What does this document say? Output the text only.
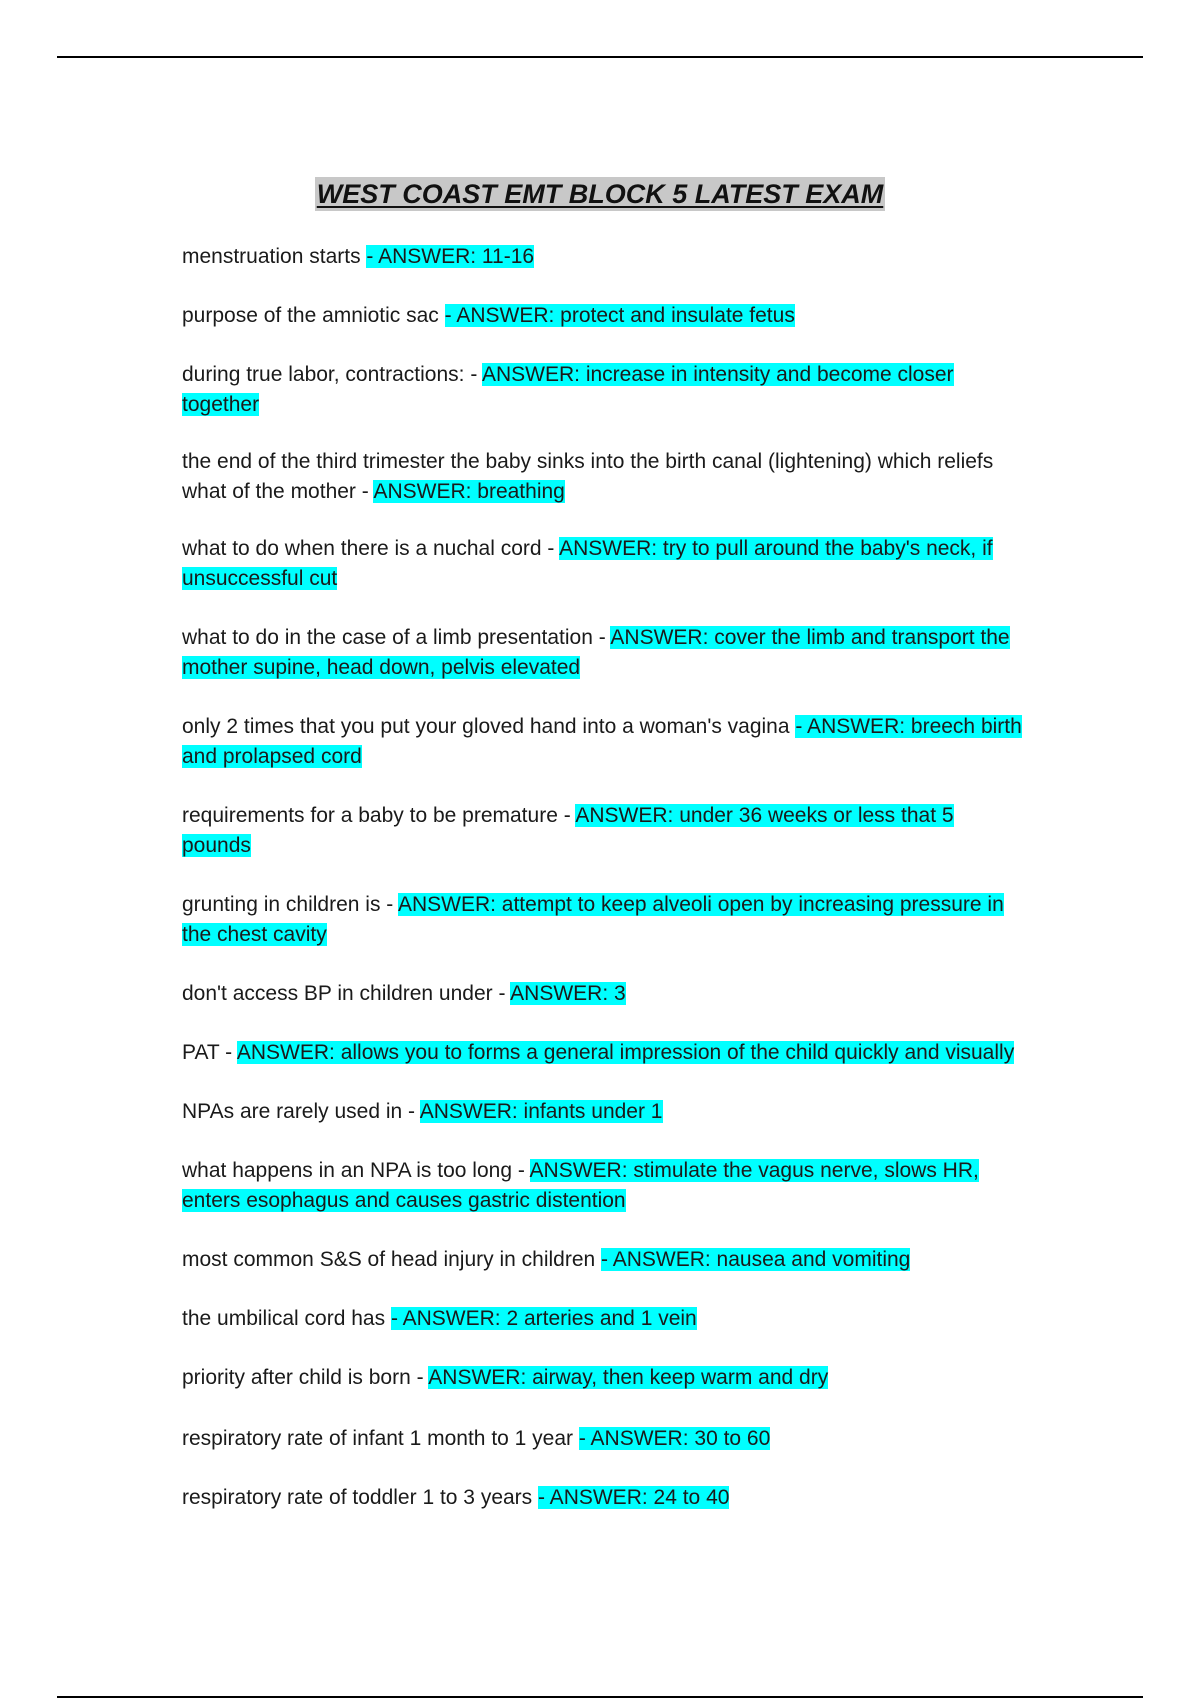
WEST COAST EMT BLOCK 5 LATEST EXAM
menstruation starts - ANSWER: 11-16
purpose of the amniotic sac - ANSWER: protect and insulate fetus
during true labor, contractions: - ANSWER: increase in intensity and become closer together
the end of the third trimester the baby sinks into the birth canal (lightening) which reliefs what of the mother - ANSWER: breathing
what to do when there is a nuchal cord - ANSWER: try to pull around the baby's neck, if unsuccessful cut
what to do in the case of a limb presentation - ANSWER: cover the limb and transport the mother supine, head down, pelvis elevated
only 2 times that you put your gloved hand into a woman's vagina - ANSWER: breech birth and prolapsed cord
requirements for a baby to be premature - ANSWER: under 36 weeks or less that 5 pounds
grunting in children is - ANSWER: attempt to keep alveoli open by increasing pressure in the chest cavity
don't access BP in children under - ANSWER: 3
PAT - ANSWER: allows you to forms a general impression of the child quickly and visually
NPAs are rarely used in - ANSWER: infants under 1
what happens in an NPA is too long - ANSWER: stimulate the vagus nerve, slows HR, enters esophagus and causes gastric distention
most common S&S of head injury in children - ANSWER: nausea and vomiting
the umbilical cord has - ANSWER: 2 arteries and 1 vein
priority after child is born - ANSWER: airway, then keep warm and dry
respiratory rate of infant 1 month to 1 year - ANSWER: 30 to 60
respiratory rate of toddler 1 to 3 years - ANSWER: 24 to 40
